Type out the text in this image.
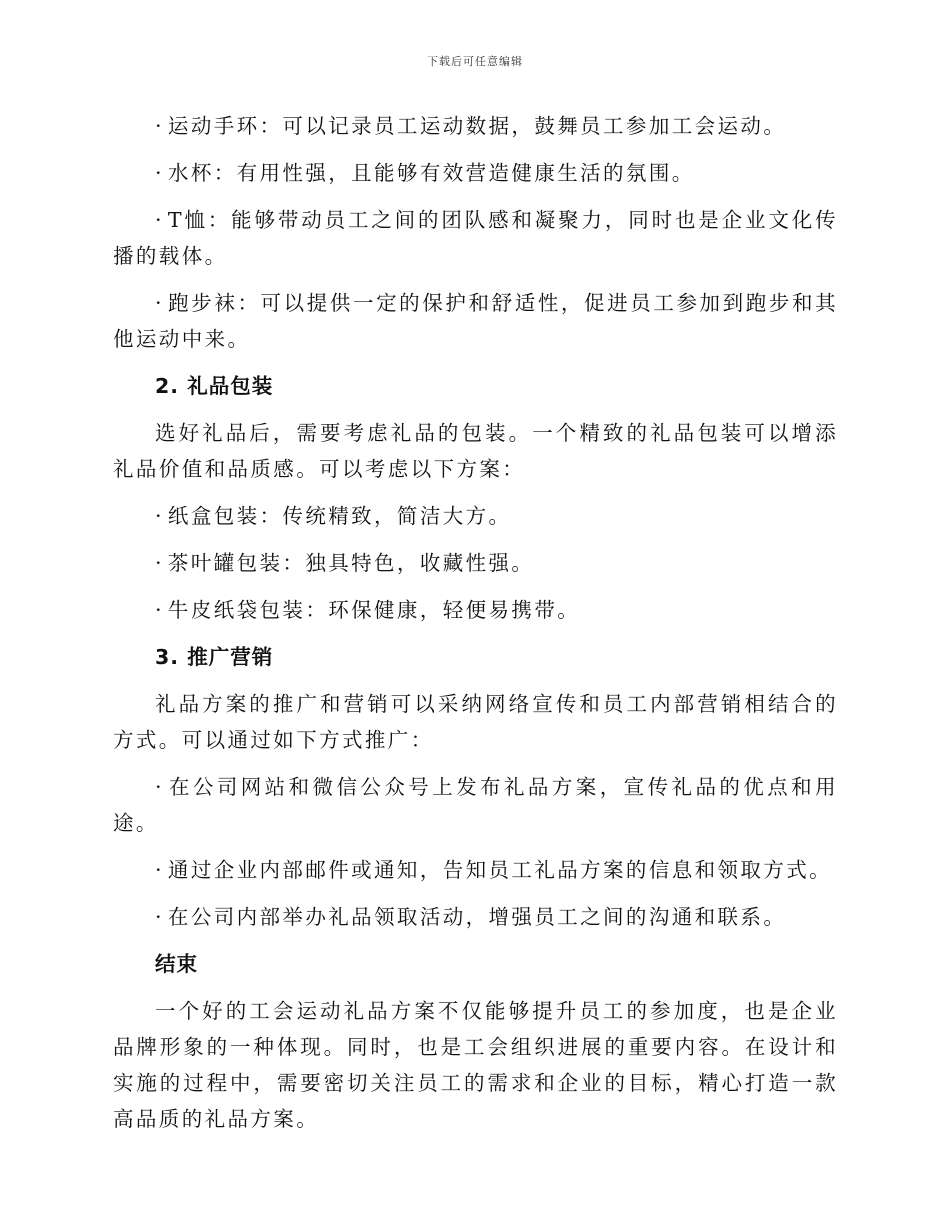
下载后可任意编辑

· 运动手环：可以记录员工运动数据，鼓舞员工参加工会运动。

· 水杯：有用性强，且能够有效营造健康生活的氛围。

· T恤：能够带动员工之间的团队感和凝聚力，同时也是企业文化传播的载体。

· 跑步袜：可以提供一定的保护和舒适性，促进员工参加到跑步和其他运动中来。

2. 礼品包装

选好礼品后，需要考虑礼品的包装。一个精致的礼品包装可以增添礼品价值和品质感。可以考虑以下方案：

· 纸盒包装：传统精致，简洁大方。

· 茶叶罐包装：独具特色，收藏性强。

· 牛皮纸袋包装：环保健康，轻便易携带。

3. 推广营销

礼品方案的推广和营销可以采纳网络宣传和员工内部营销相结合的方式。可以通过如下方式推广：

· 在公司网站和微信公众号上发布礼品方案，宣传礼品的优点和用途。

· 通过企业内部邮件或通知，告知员工礼品方案的信息和领取方式。

· 在公司内部举办礼品领取活动，增强员工之间的沟通和联系。

结束

一个好的工会运动礼品方案不仅能够提升员工的参加度，也是企业品牌形象的一种体现。同时，也是工会组织进展的重要内容。在设计和实施的过程中，需要密切关注员工的需求和企业的目标，精心打造一款高品质的礼品方案。
